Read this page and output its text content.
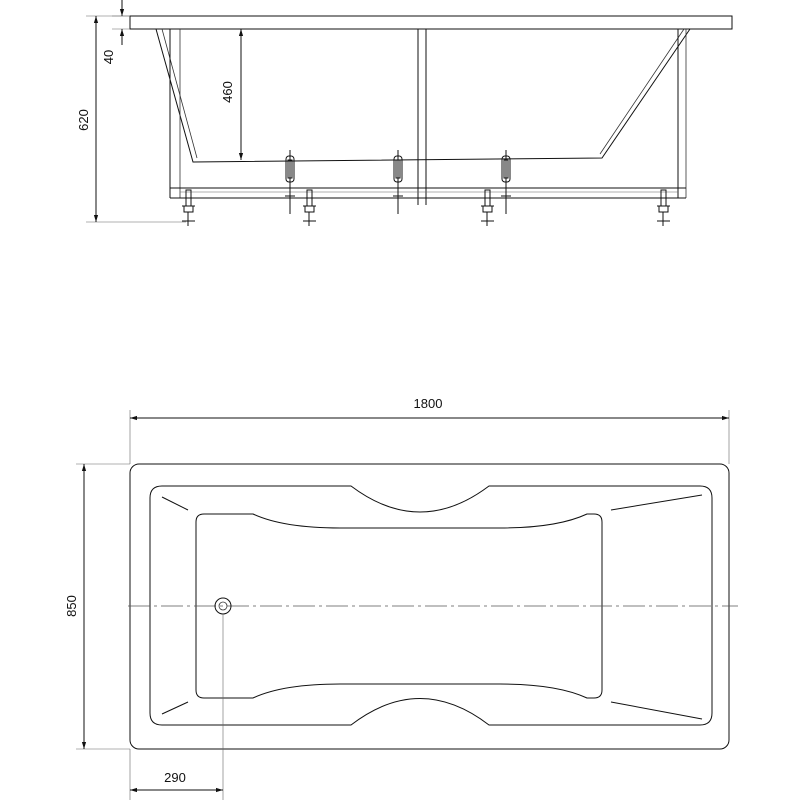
40
460
620
1800
850
290
